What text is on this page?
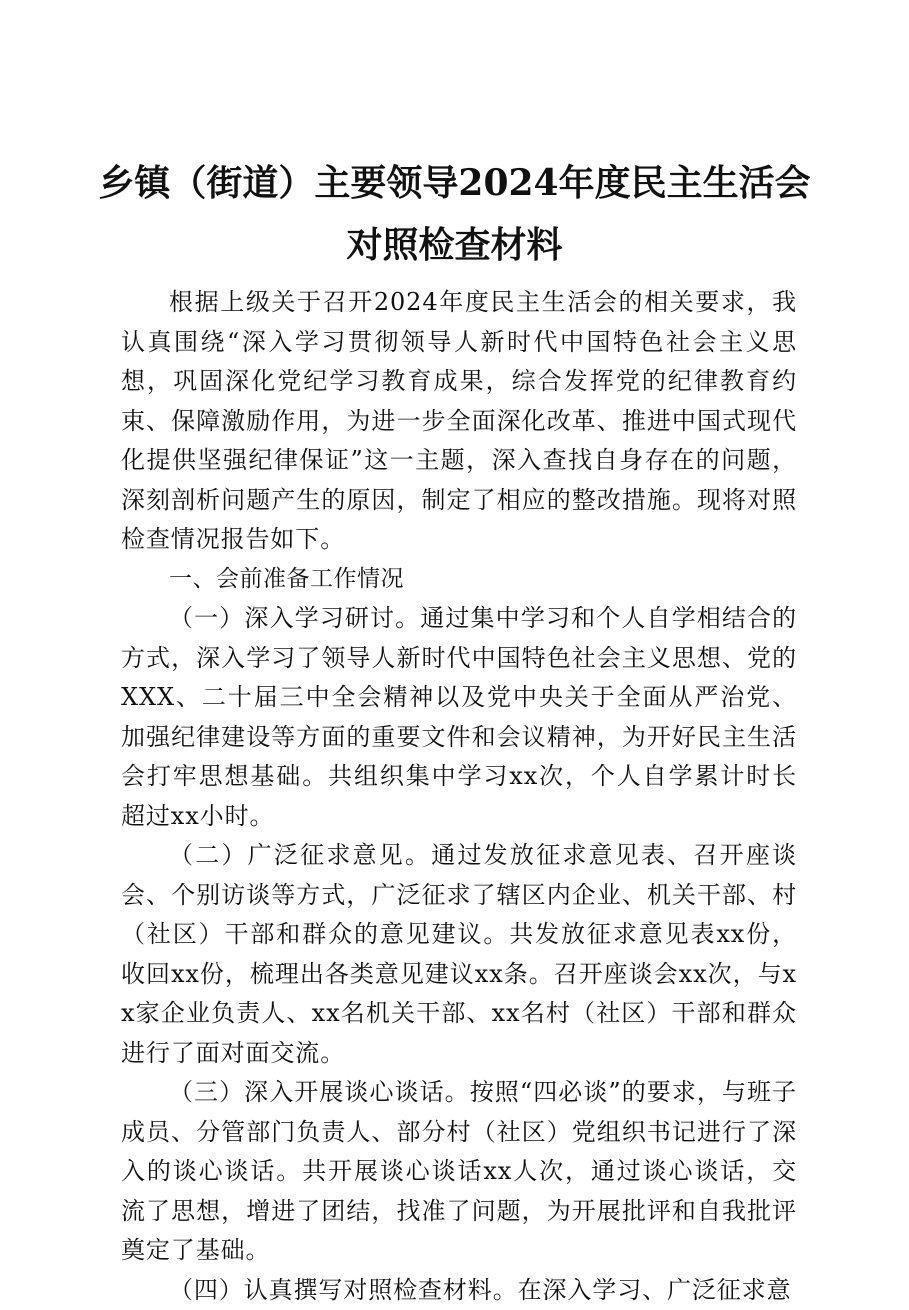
乡镇（街道）主要领导2024年度民主生活会
对照检查材料

根据上级关于召开2024年度民主生活会的相关要求，我认真围绕“深入学习贯彻领导人新时代中国特色社会主义思想，巩固深化党纪学习教育成果，综合发挥党的纪律教育约束、保障激励作用，为进一步全面深化改革、推进中国式现代化提供坚强纪律保证”这一主题，深入查找自身存在的问题，深刻剖析问题产生的原因，制定了相应的整改措施。现将对照检查情况报告如下。

一、会前准备工作情况

（一）深入学习研讨。通过集中学习和个人自学相结合的方式，深入学习了领导人新时代中国特色社会主义思想、党的XXX、二十届三中全会精神以及党中央关于全面从严治党、加强纪律建设等方面的重要文件和会议精神，为开好民主生活会打牢思想基础。共组织集中学习xx次，个人自学累计时长超过xx小时。

（二）广泛征求意见。通过发放征求意见表、召开座谈会、个别访谈等方式，广泛征求了辖区内企业、机关干部、村（社区）干部和群众的意见建议。共发放征求意见表xx份，收回xx份，梳理出各类意见建议xx条。召开座谈会xx次，与xx家企业负责人、xx名机关干部、xx名村（社区）干部和群众进行了面对面交流。

（三）深入开展谈心谈话。按照“四必谈”的要求，与班子成员、分管部门负责人、部分村（社区）党组织书记进行了深入的谈心谈话。共开展谈心谈话xx人次，通过谈心谈话，交流了思想，增进了团结，找准了问题，为开展批评和自我批评奠定了基础。

（四）认真撰写对照检查材料。在深入学习、广泛征求意
